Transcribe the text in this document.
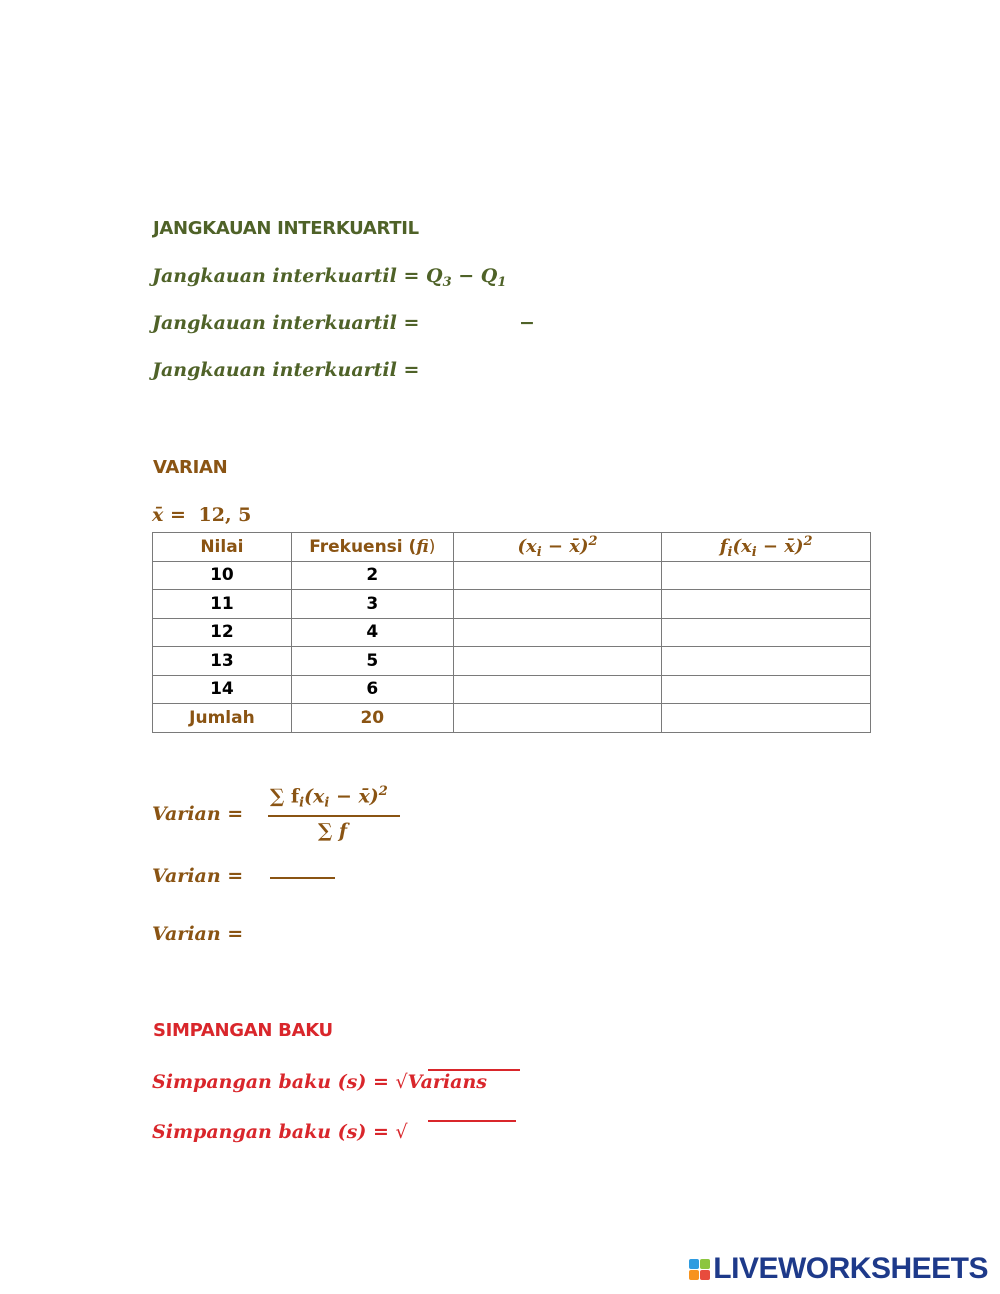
JANGKAUAN INTERKUARTIL
Jangkauan interkuartil = $Q_3 - Q_1$
Jangkauan interkuartil =	−
Jangkauan interkuartil =
VARIAN
x̄ = 12, 5
Nilai	Frekuensi (fi)	($x_i$ − x̄)$^2$	$f_i(x_i$ − x̄)$^2$
10	2		
11	3		
12	4		
13	5		
14	6		
Jumlah	20		
Varian =
∑ $f_i(x_i$ − x̄)$^2$
∑ f
Varian =
Varian =
SIMPANGAN BAKU
Simpangan baku (s) = √Varians
Simpangan baku (s) = √
LIVEWORKSHEETS
